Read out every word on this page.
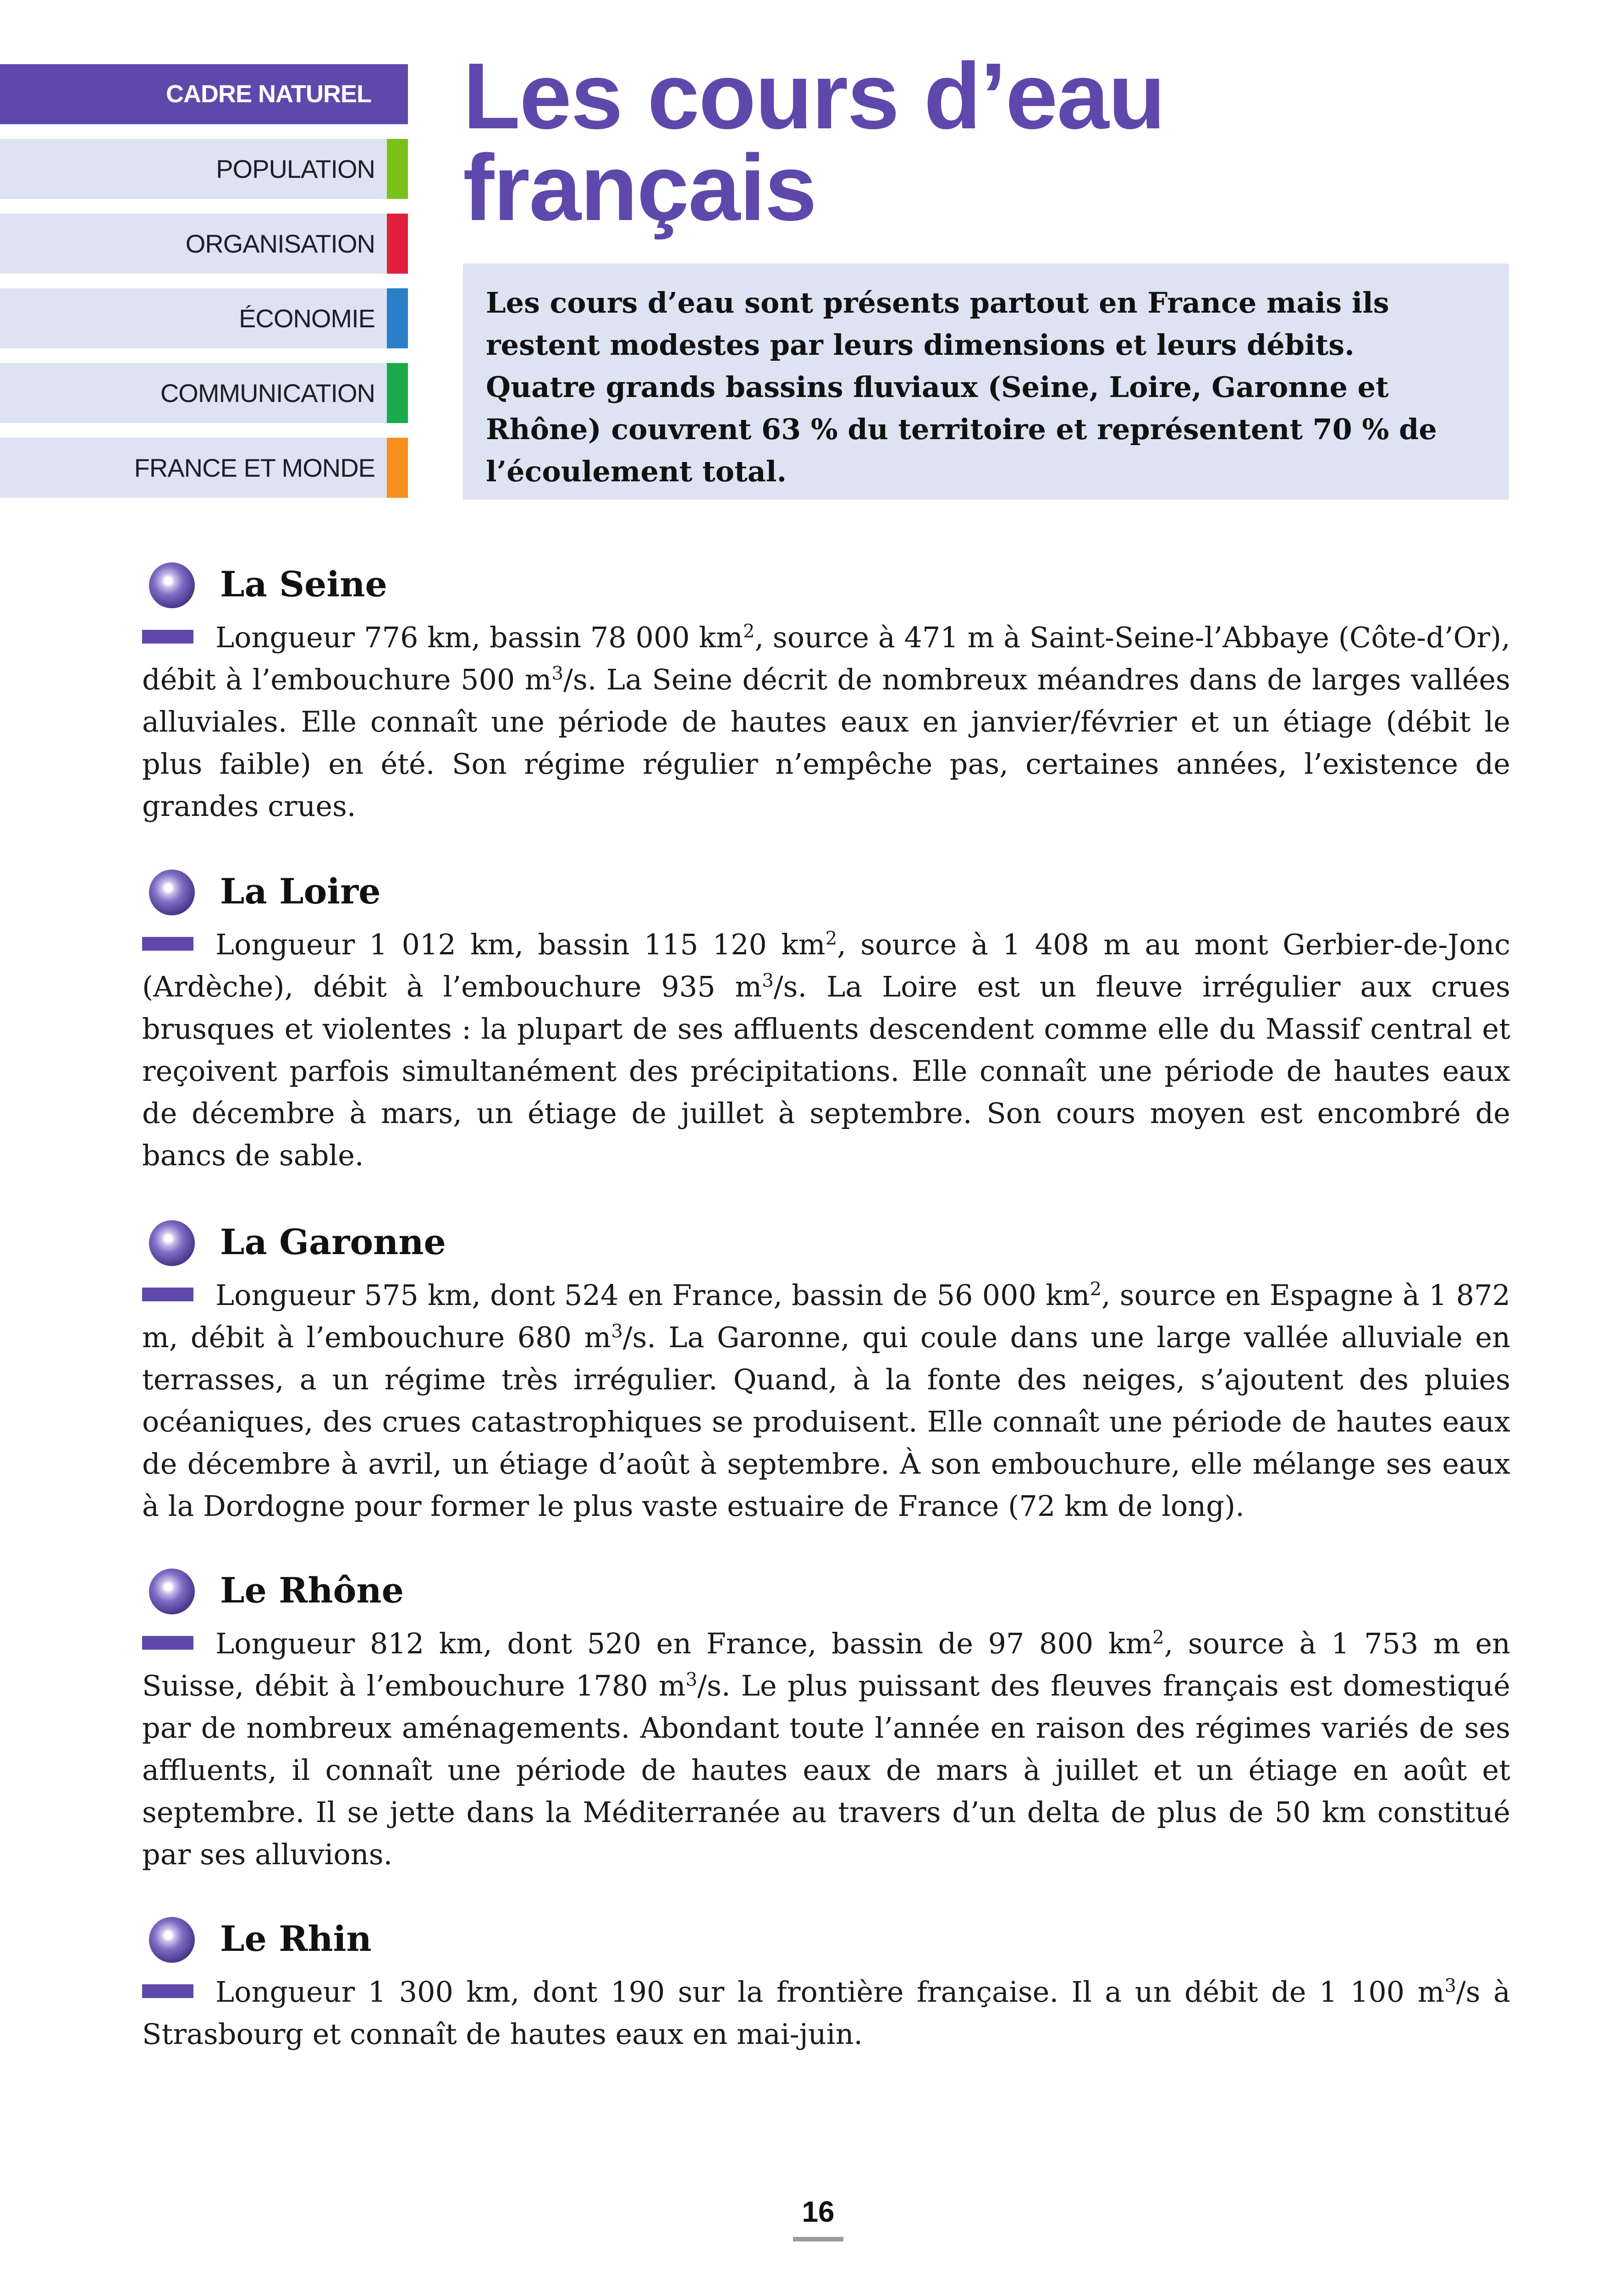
CADRE NATUREL
POPULATION
ORGANISATION
ÉCONOMIE
COMMUNICATION
FRANCE ET MONDE
Les cours d’eau
français

Les cours d’eau sont présents partout en France mais ils restent modestes par leurs dimensions et leurs débits.

Quatre grands bassins fluviaux (Seine, Loire, Garonne et Rhône) couvrent 63 % du territoire et représentent 70 % de l’écoulement total.

La Seine

Longueur 776 km, bassin 78 000 $km^2$, source à 471 m à Saint-Seine-l’Abbaye (Côte-d’Or), débit à l’embouchure 500 $m^3/s$. La Seine décrit de nombreux méandres dans de larges vallées alluviales. Elle connaît une période de hautes eaux en janvier/février et un étiage (débit le plus faible) en été. Son régime régulier n’empêche pas, certaines années, l’existence de grandes crues.

La Loire

Longueur 1 012 km, bassin 115 120 $km^2$, source à 1 408 m au mont Gerbier-de-Jonc (Ardèche), débit à l’embouchure 935 $m^3/s$. La Loire est un fleuve irrégulier aux crues brusques et violentes : la plupart de ses affluents descendent comme elle du Massif central et reçoivent parfois simultanément des précipitations. Elle connaît une période de hautes eaux de décembre à mars, un étiage de juillet à septembre. Son cours moyen est encombré de bancs de sable.

La Garonne

Longueur 575 km, dont 524 en France, bassin de 56 000 $km^2$, source en Espagne à 1 872 m, débit à l’embouchure 680 $m^3/s$. La Garonne, qui coule dans une large vallée alluviale en terrasses, a un régime très irrégulier. Quand, à la fonte des neiges, s’ajoutent des pluies océaniques, des crues catastrophiques se produisent. Elle connaît une période de hautes eaux de décembre à avril, un étiage d’août à septembre. À son embouchure, elle mélange ses eaux à la Dordogne pour former le plus vaste estuaire de France (72 km de long).

Le Rhône

Longueur 812 km, dont 520 en France, bassin de 97 800 $km^2$, source à 1 753 m en Suisse, débit à l’embouchure 1780 $m^3/s$. Le plus puissant des fleuves français est domestiqué par de nombreux aménagements. Abondant toute l’année en raison des régimes variés de ses affluents, il connaît une période de hautes eaux de mars à juillet et un étiage en août et septembre. Il se jette dans la Méditerranée au travers d’un delta de plus de 50 km constitué par ses alluvions.

Le Rhin

Longueur 1 300 km, dont 190 sur la frontière française. Il a un débit de 1 100 $m^3/s$ à Strasbourg et connaît de hautes eaux en mai-juin.

16
